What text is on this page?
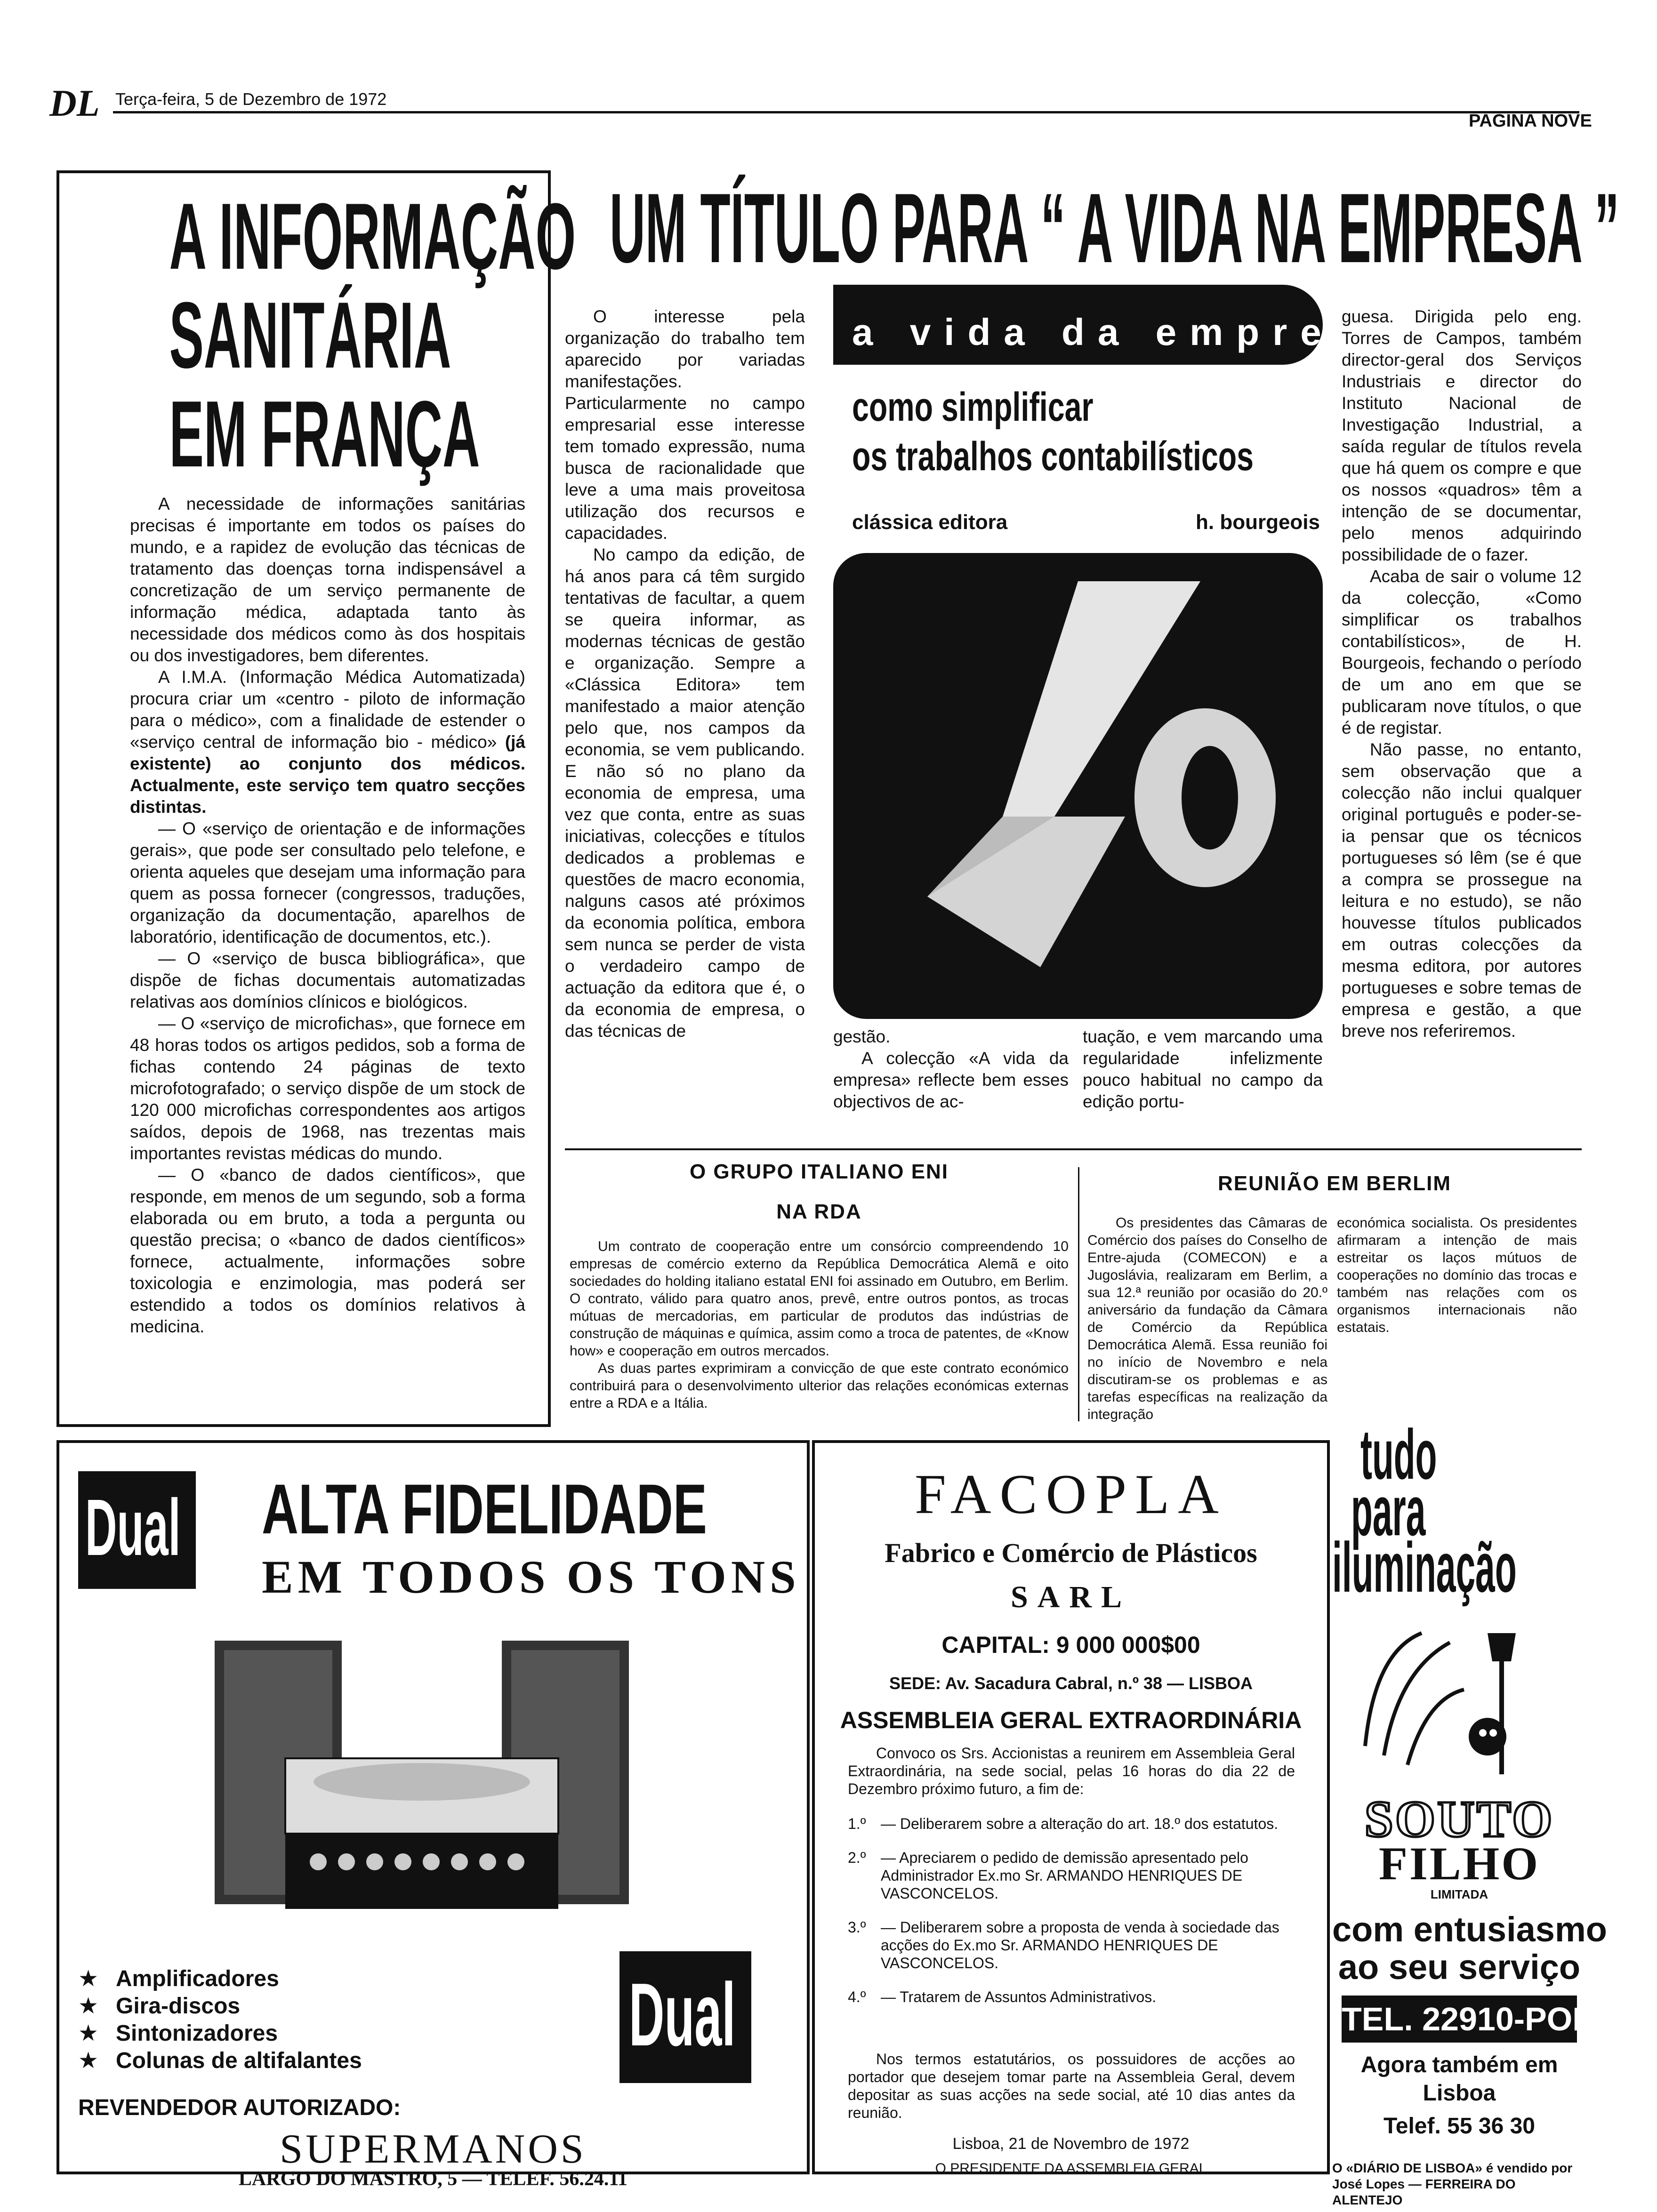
DL Terça-feira, 5 de Dezembro de 1972
PAGINA NOVE
A INFORMAÇÃO
SANITÁRIA
EM FRANÇA

A necessidade de informações sanitárias precisas é importante em todos os países do mundo, e a rapidez de evolução das técnicas de tratamento das doenças torna indispensável a concretização de um serviço permanente de informação médica, adaptada tanto às necessidade dos médicos como às dos hospitais ou dos investigadores, bem diferentes.

A I.M.A. (Informação Médica Automatizada) procura criar um «centro - piloto de informação para o médico», com a finalidade de estender o «serviço central de informação bio - médico» (já existente) ao conjunto dos médicos. Actualmente, este serviço tem quatro secções distintas.

— O «serviço de orientação e de informações gerais», que pode ser consultado pelo telefone, e orienta aqueles que desejam uma informação para quem as possa fornecer (congressos, traduções, organização da documentação, aparelhos de laboratório, identificação de documentos, etc.).

— O «serviço de busca bibliográfica», que dispõe de fichas documentais automatizadas relativas aos domínios clínicos e biológicos.

— O «serviço de microfichas», que fornece em 48 horas todos os artigos pedidos, sob a forma de fichas contendo 24 páginas de texto microfotografado; o serviço dispõe de um stock de 120 000 microfichas correspondentes aos artigos saídos, depois de 1968, nas trezentas mais importantes revistas médicas do mundo.

— O «banco de dados científicos», que responde, em menos de um segundo, sob a forma elaborada ou em bruto, a toda a pergunta ou questão precisa; o «banco de dados científicos» fornece, actualmente, informações sobre toxicologia e enzimologia, mas poderá ser estendido a todos os domínios relativos à medicina.

UM TÍTULO PARA “ A VIDA NA EMPRESA ”

O interesse pela organização do trabalho tem aparecido por variadas manifestações. Particularmente no campo empresarial esse interesse tem tomado expressão, numa busca de racionalidade que leve a uma mais proveitosa utilização dos recursos e capacidades.

No campo da edição, de há anos para cá têm surgido tentativas de facultar, a quem se queira informar, as modernas técnicas de gestão e organização. Sempre a «Clássica Editora» tem manifestado a maior atenção pelo que, nos campos da economia, se vem publicando. E não só no plano da economia de empresa, uma vez que conta, entre as suas iniciativas, colecções e títulos dedicados a problemas e questões de macro economia, nalguns casos até próximos da economia política, embora sem nunca se perder de vista o verdadeiro campo de actuação da editora que é, o da economia de empresa, o das técnicas de

a vida da empresa
como simplificar
os trabalhos contabilísticos
clássica editora	h. bourgeois

gestão.

A colecção «A vida da empresa» reflecte bem esses objectivos de ac-

tuação, e vem marcando uma regularidade infelizmente pouco habitual no campo da edição portu-

guesa. Dirigida pelo eng. Torres de Campos, também director-geral dos Serviços Industriais e director do Instituto Nacional de Investigação Industrial, a saída regular de títulos revela que há quem os compre e que os nossos «quadros» têm a intenção de se documentar, pelo menos adquirindo possibilidade de o fazer.

Acaba de sair o volume 12 da colecção, «Como simplificar os trabalhos contabilísticos», de H. Bourgeois, fechando o período de um ano em que se publicaram nove títulos, o que é de registar.

Não passe, no entanto, sem observação que a colecção não inclui qualquer original português e poder-se-ia pensar que os técnicos portugueses só lêm (se é que a compra se prossegue na leitura e no estudo), se não houvesse títulos publicados em outras colecções da mesma editora, por autores portugueses e sobre temas de empresa e gestão, a que breve nos referiremos.

O GRUPO ITALIANO ENI
NA RDA

Um contrato de cooperação entre um consórcio compreendendo 10 empresas de comércio externo da República Democrática Alemã e oito sociedades do holding italiano estatal ENI foi assinado em Outubro, em Berlim. O contrato, válido para quatro anos, prevê, entre outros pontos, as trocas mútuas de mercadorias, em particular de produtos das indústrias de construção de máquinas e química, assim como a troca de patentes, de «Know how» e cooperação em outros mercados.

As duas partes exprimiram a convicção de que este contrato económico contribuirá para o desenvolvimento ulterior das relações económicas externas entre a RDA e a Itália.

REUNIÃO EM BERLIM

Os presidentes das Câmaras de Comércio dos países do Conselho de Entre-ajuda (COMECON) e a Jugoslávia, realizaram em Berlim, a sua 12.ª reunião por ocasião do 20.º aniversário da fundação da Câmara de Comércio da República Democrática Alemã. Essa reunião foi no início de Novembro e nela discutiram-se os problemas e as tarefas específicas na realização da integração

económica socialista. Os presidentes afirmaram a intenção de mais estreitar os laços mútuos de cooperações no domínio das trocas e também nas relações com os organismos internacionais não estatais.

Dual ALTA FIDELIDADE
EM TODOS OS TONS
★ Amplificadores
★ Gira-discos
★ Sintonizadores
★ Colunas de altifalantes	Dual
REVENDEDOR AUTORIZADO:
SUPERMANOS
LARGO DO MASTRO, 5 — TELEF. 56.24.11
FACOPLA
Fabrico e Comércio de Plásticos
SARL
CAPITAL: 9 000 000$00
SEDE: Av. Sacadura Cabral, n.º 38 — LISBOA
ASSEMBLEIA GERAL EXTRAORDINÁRIA

Convoco os Srs. Accionistas a reunirem em Assembleia Geral Extraordinária, na sede social, pelas 16 horas do dia 22 de Dezembro próximo futuro, a fim de:

1.º — Deliberarem sobre a alteração do art. 18.º dos estatutos.
2.º — Apreciarem o pedido de demissão apresentado pelo Administrador Ex.mo Sr. ARMANDO HENRIQUES DE VASCONCELOS.
3.º — Deliberarem sobre a proposta de venda à sociedade das acções do Ex.mo Sr. ARMANDO HENRIQUES DE VASCONCELOS.
4.º — Tratarem de Assuntos Administrativos.

Nos termos estatutários, os possuidores de acções ao portador que desejem tomar parte na Assembleia Geral, devem depositar as suas acções na sede social, até 10 dias antes da reunião.

Lisboa, 21 de Novembro de 1972
O PRESIDENTE DA ASSEMBLEIA GERAL
tudo
para
iluminação
SOUTO
FILHO
LIMITADA
com entusiasmo
ao seu serviço
TEL. 22910-PORTO
Agora também em
Lisboa
Telef. 55 36 30
O «DIÁRIO DE LISBOA» é vendido por José Lopes — FERREIRA DO ALENTEJO
